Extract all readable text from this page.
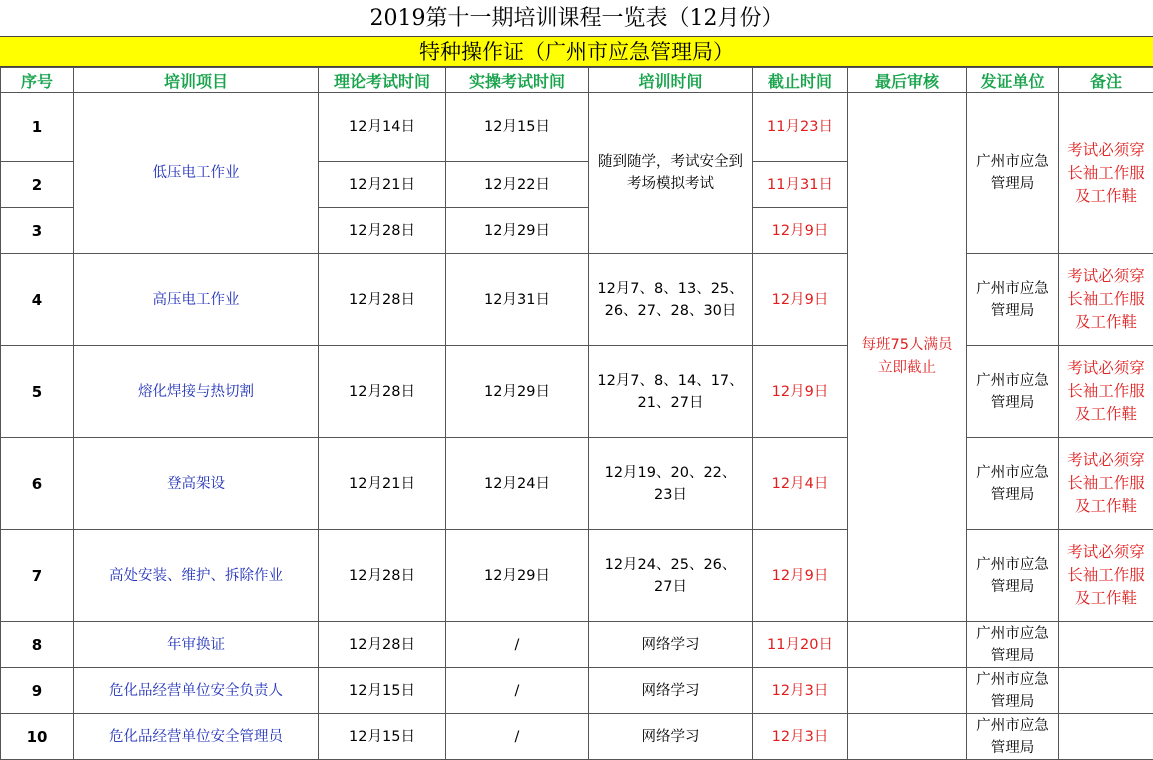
2019第十一期培训课程一览表（12月份）
特种操作证（广州市应急管理局）
序号	培训项目	理论考试时间	实操考试时间	培训时间	截止时间	最后审核	发证单位	备注
1	低压电工作业	12月14日	12月15日	随到随学，考试安全到考场模拟考试	11月23日	每班75人满员立即截止	广州市应急管理局	考试必须穿长袖工作服及工作鞋
2		12月21日	12月22日		11月31日			
3		12月28日	12月29日		12月9日			
4	高压电工作业	12月28日	12月31日	12月7、8、13、25、26、27、28、30日	12月9日		广州市应急管理局	考试必须穿长袖工作服及工作鞋
5	熔化焊接与热切割	12月28日	12月29日	12月7、8、14、17、21、27日	12月9日		广州市应急管理局	考试必须穿长袖工作服及工作鞋
6	登高架设	12月21日	12月24日	12月19、20、22、23日	12月4日		广州市应急管理局	考试必须穿长袖工作服及工作鞋
7	高处安装、维护、拆除作业	12月28日	12月29日	12月24、25、26、27日	12月9日		广州市应急管理局	考试必须穿长袖工作服及工作鞋
8	年审换证	12月28日	/	网络学习	11月20日		广州市应急管理局	
9	危化品经营单位安全负责人	12月15日	/	网络学习	12月3日		广州市应急管理局	
10	危化品经营单位安全管理员	12月15日	/	网络学习	12月3日		广州市应急管理局	
